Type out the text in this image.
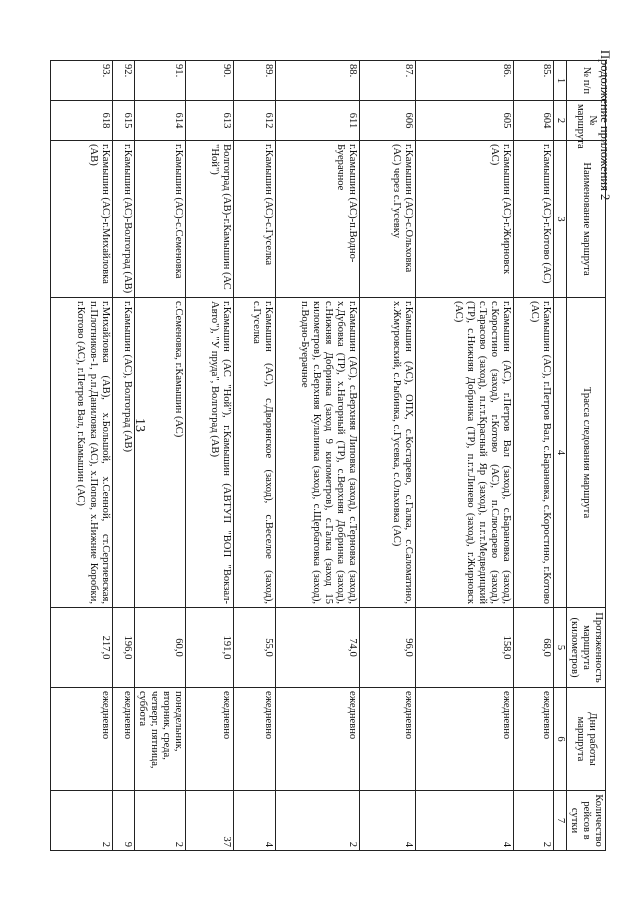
13
Продолжение приложения 2
№ п/п	№ маршрута	Наименование маршрута	Трасса следования маршрута	Протяженность маршрута (километров)	Дни работы маршрута	Количество рейсов в сутки
1	2	3	4	5	6	7
85.	604	г.Камышин (АС)-г.Котово (АС)	г.Камышин (АС), г.Петров Вал, с.Барановка, с.Коростино, г.Котово (АС)	68,0	ежедневно	2
86.	605	г.Камышин (АС)-г.Жирновск (АС)	г.Камышин (АС), г.Петров Вал (заход), с.Барановка (заход), с.Коростино (заход), г.Котово (АС), п.Слюсарево (заход), с.Тарасово (заход), п.г.т.Красный Яр (заход), п.г.т.Медведицкий (ТР), с.Нижняя Добринка (ТР), п.г.т.Линево (заход), г.Жирновск (АС)	158,0	ежедневно	4
87.	606	г.Камышин (АС)-с.Ольховка (АС) через с.Гусевку	г.Камышин (АС), ОПХ, с.Костарево, с.Галка, с.Саломатино, х.Жмуровский, с.Рыбинка, с.Гусевка, с.Ольховка (АС)	96,0	ежедневно	4
88.	611	г.Камышин (АС)-п.Водно-Буерачное	г.Камышин (АС), с.Верхняя Липовка (заход), с.Терновка (заход), х.Дубовка (ТР), х.Нагорный (ТР), с.Верхняя Добринка (заход), с.Нижняя Добринка (заход 9 километров), с.Галка (заход 15 километров), с.Верхняя Кулалинка (заход), с.Щербатовка (заход), п.Водно-Буерачное	74,0	ежедневно	2
89.	612	г.Камышин (АС)-с.Гуселка	г.Камышин (АС), с.Дворянское (заход), с.Веселое (заход), с.Гуселка	55,0	ежедневно	4
90.	613	Волгоград (АВ)-г.Камышин (АС "Ной")	г.Камышин (АС "Ной"), г.Камышин (АВТУП "ВОП "Вокзал-Авто"), "У пруда", Волгоград (АВ)	191,0	ежедневно	37
91.	614	г.Камышин (АС)-с.Семеновка	с.Семеновка, г.Камышин (АС)	60,0	понедельник, вторник, среда, четверг, пятница, суббота	2
92.	615	г.Камышин (АС)-Волгоград (АВ)	г.Камышин (АС), Волгоград (АВ)	196,0	ежедневно	9
93.	618	г.Камышин (АС)-г.Михайловка (АВ)	г.Михайловка (АВ), х.Большой, х.Сенной, ст.Сергиевская, п.Плотников-1, р.п.Даниловка (АС), х.Попов, х.Нижние Коробки, г.Котово (АС), г.Петров Вал, г.Камышин (АС)	217,0	ежедневно	2
